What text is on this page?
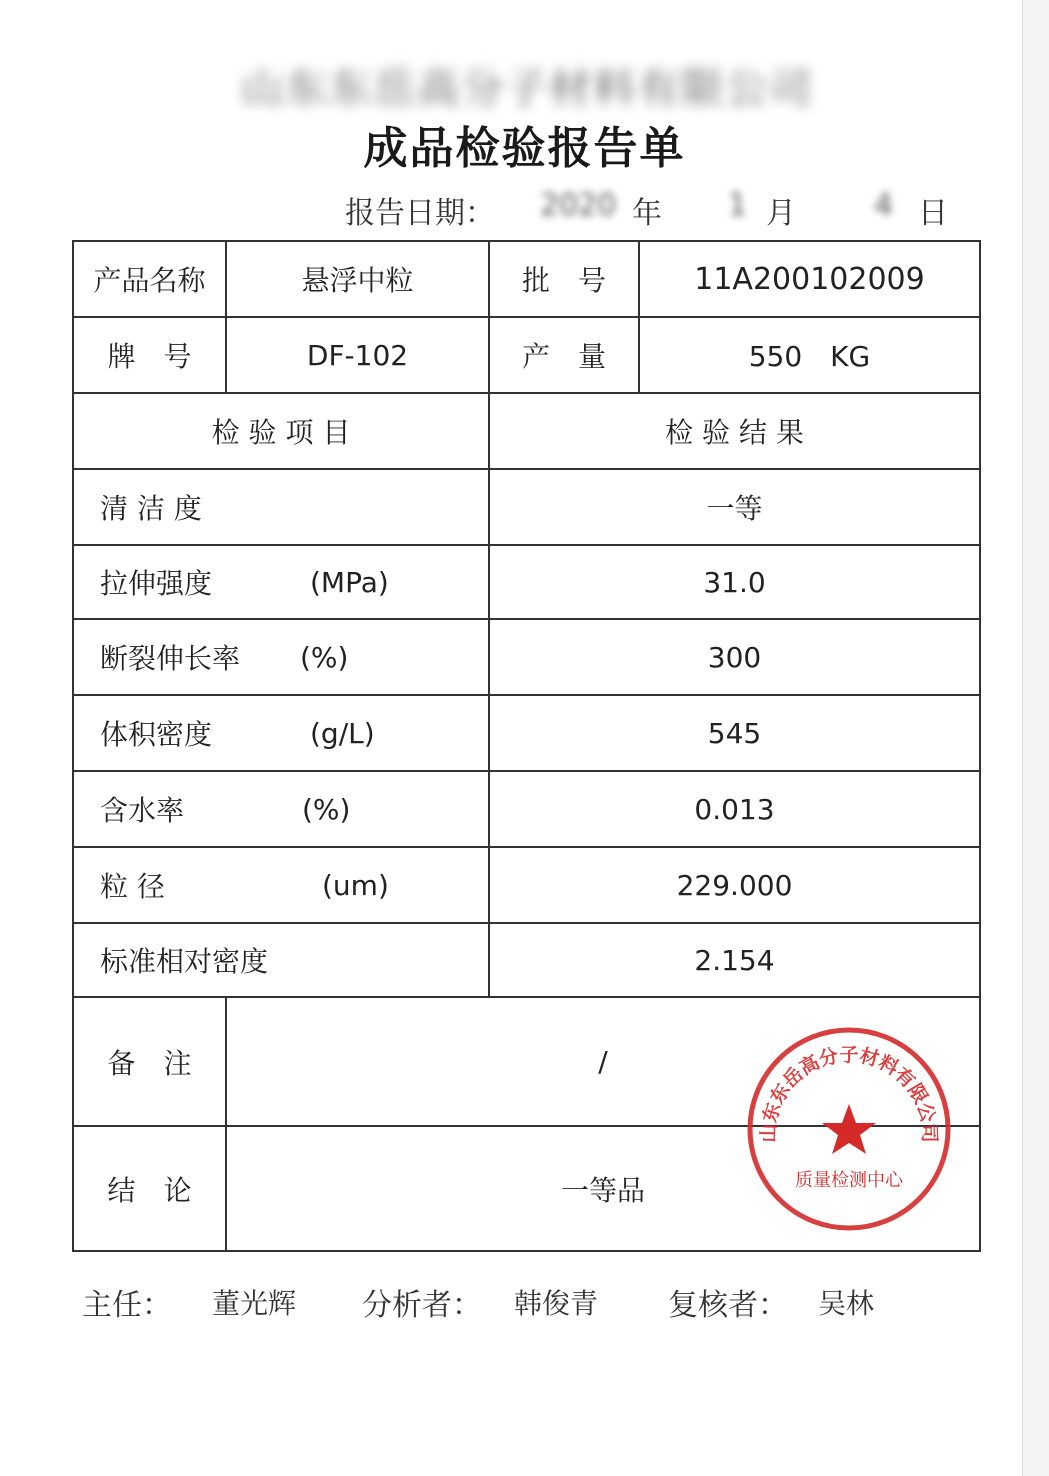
山东东岳高分子材料有限公司
成品检验报告单
报告日期： 2020 年 1 月	4 日
产品名称	悬浮中粒	批　号	11A200102009
牌　号	DF-102	产　量	550　KG
检 验 项 目	检 验 结 果
清 洁 度	一等
拉伸强度	(MPa)	31.0
断裂伸长率 (%)	300
体积密度	(g/L)	545
含水率	(%)	0.013
粒 径	(um)	229.000
标准相对密度	2.154
备　注	/
结　论	一等品
山东东岳高分子材料有限公司
质量检测中心
主任： 董光辉 分析者： 韩俊青 复核者： 吴林
